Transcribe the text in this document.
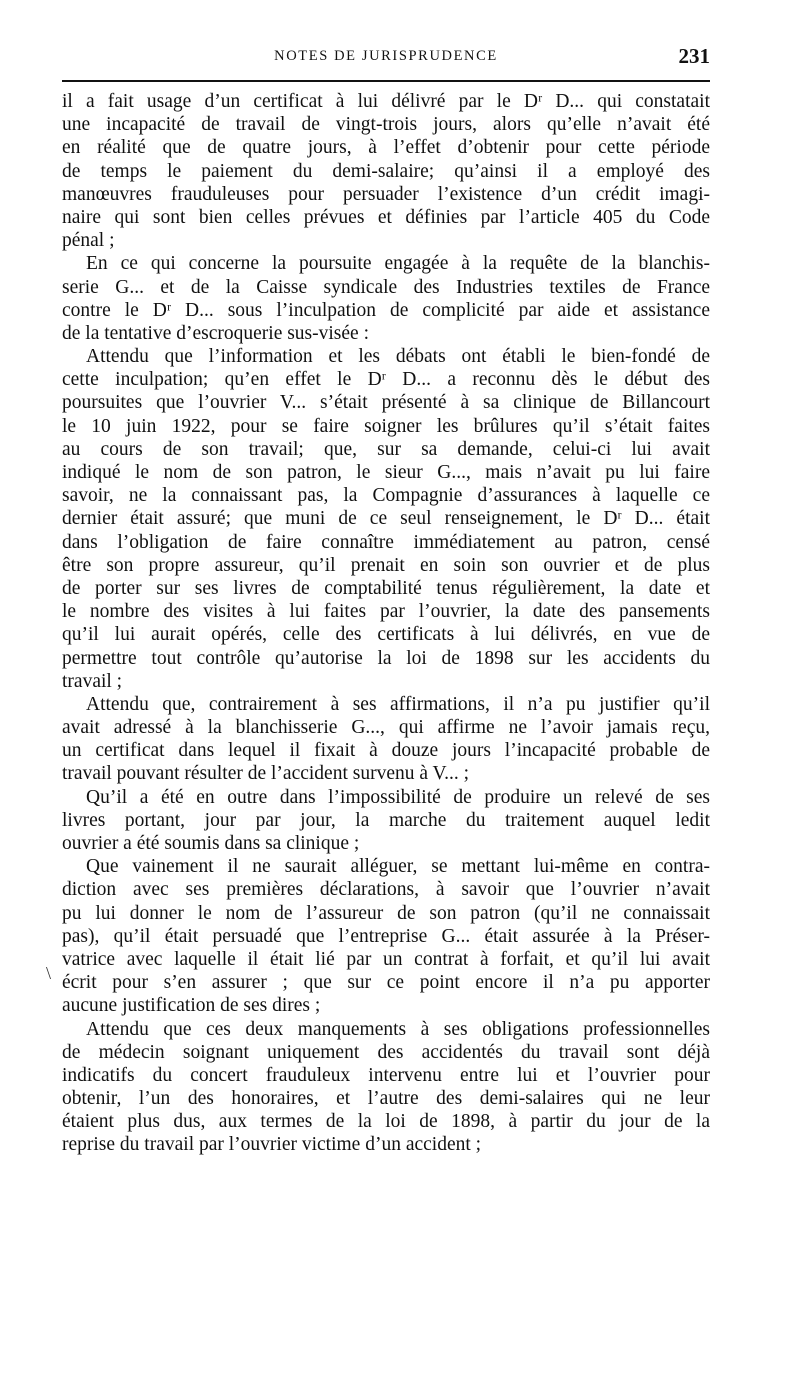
NOTES DE JURISPRUDENCE	231
\
il a fait usage d’un certificat à lui délivré par le Dʳ D... qui constatait
une incapacité de travail de vingt-trois jours, alors qu’elle n’avait été
en réalité que de quatre jours, à l’effet d’obtenir pour cette période
de temps le paiement du demi-salaire; qu’ainsi il a employé des
manœuvres frauduleuses pour persuader l’existence d’un crédit imagi-
naire qui sont bien celles prévues et définies par l’article 405 du Code
pénal ;
En ce qui concerne la poursuite engagée à la requête de la blanchis-
serie G... et de la Caisse syndicale des Industries textiles de France
contre le Dʳ D... sous l’inculpation de complicité par aide et assistance
de la tentative d’escroquerie sus-visée :
Attendu que l’information et les débats ont établi le bien-fondé de
cette inculpation; qu’en effet le Dʳ D... a reconnu dès le début des
poursuites que l’ouvrier V... s’était présenté à sa clinique de Billancourt
le 10 juin 1922, pour se faire soigner les brûlures qu’il s’était faites
au cours de son travail; que, sur sa demande, celui-ci lui avait
indiqué le nom de son patron, le sieur G..., mais n’avait pu lui faire
savoir, ne la connaissant pas, la Compagnie d’assurances à laquelle ce
dernier était assuré; que muni de ce seul renseignement, le Dʳ D... était
dans l’obligation de faire connaître immédiatement au patron, censé
être son propre assureur, qu’il prenait en soin son ouvrier et de plus
de porter sur ses livres de comptabilité tenus régulièrement, la date et
le nombre des visites à lui faites par l’ouvrier, la date des pansements
qu’il lui aurait opérés, celle des certificats à lui délivrés, en vue de
permettre tout contrôle qu’autorise la loi de 1898 sur les accidents du
travail ;
Attendu que, contrairement à ses affirmations, il n’a pu justifier qu’il
avait adressé à la blanchisserie G..., qui affirme ne l’avoir jamais reçu,
un certificat dans lequel il fixait à douze jours l’incapacité probable de
travail pouvant résulter de l’accident survenu à V... ;
Qu’il a été en outre dans l’impossibilité de produire un relevé de ses
livres portant, jour par jour, la marche du traitement auquel ledit
ouvrier a été soumis dans sa clinique ;
Que vainement il ne saurait alléguer, se mettant lui-même en contra-
diction avec ses premières déclarations, à savoir que l’ouvrier n’avait
pu lui donner le nom de l’assureur de son patron (qu’il ne connaissait
pas), qu’il était persuadé que l’entreprise G... était assurée à la Préser-
vatrice avec laquelle il était lié par un contrat à forfait, et qu’il lui avait
écrit pour s’en assurer ; que sur ce point encore il n’a pu apporter
aucune justification de ses dires ;
Attendu que ces deux manquements à ses obligations professionnelles
de médecin soignant uniquement des accidentés du travail sont déjà
indicatifs du concert frauduleux intervenu entre lui et l’ouvrier pour
obtenir, l’un des honoraires, et l’autre des demi-salaires qui ne leur
étaient plus dus, aux termes de la loi de 1898, à partir du jour de la
reprise du travail par l’ouvrier victime d’un accident ;
